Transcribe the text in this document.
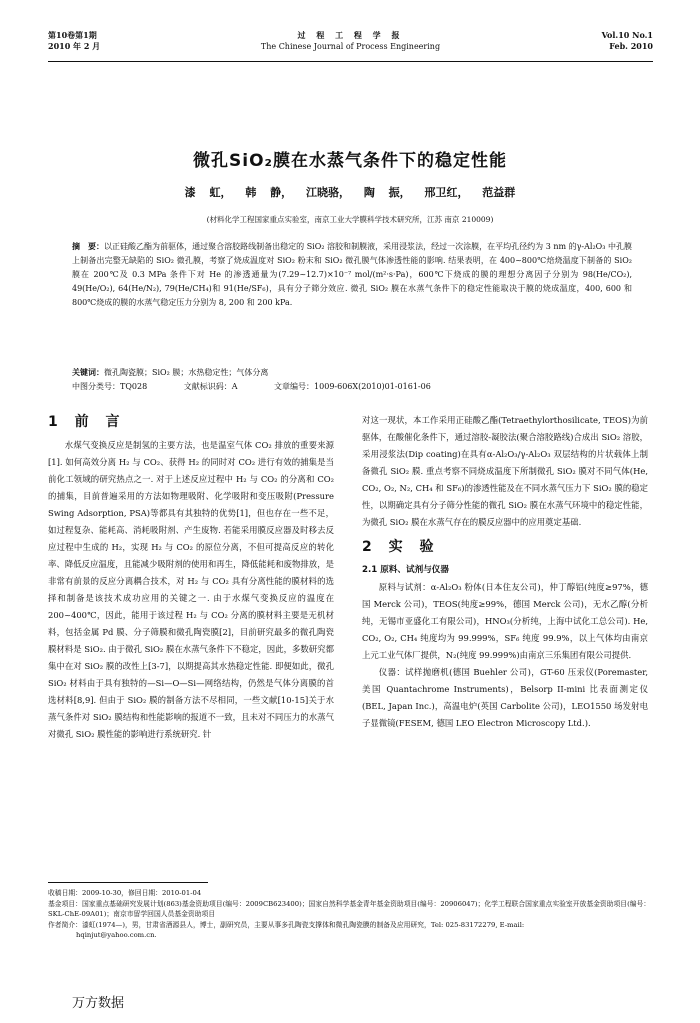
第10卷第1期
2010 年 2 月
过 程 工 程 学 报
The Chinese Journal of Process Engineering
Vol.10 No.1
Feb. 2010
微孔SiO₂膜在水蒸气条件下的稳定性能
漆 虹， 韩 静， 江晓骆， 陶 振， 邢卫红， 范益群
(材料化学工程国家重点实验室，南京工业大学膜科学技术研究所，江苏 南京 210009)
摘　要：以正硅酸乙酯为前驱体，通过聚合溶胶路线制备出稳定的 SiO₂ 溶胶和制膜液，采用浸浆法，经过一次涂膜，在平均孔径约为 3 nm 的γ-Al₂O₃ 中孔膜上制备出完整无缺陷的 SiO₂ 微孔膜，考察了烧成温度对 SiO₂ 粉末和 SiO₂ 微孔膜气体渗透性能的影响. 结果表明，在 400~800℃焙烧温度下制备的 SiO₂ 膜在 200℃及 0.3 MPa 条件下对 He 的渗透通量为(7.29~12.7)×10⁻⁷ mol/(m²·s·Pa)，600℃下烧成的膜的理想分离因子分别为 98(He/CO₂), 49(He/O₂), 64(He/N₂), 79(He/CH₄)和 91(He/SF₆)，具有分子筛分效应. 微孔 SiO₂ 膜在水蒸气条件下的稳定性能取决于膜的烧成温度，400, 600 和 800℃烧成的膜的水蒸气稳定压力分别为 8, 200 和 200 kPa.
关键词：微孔陶瓷膜；SiO₂ 膜；水热稳定性；气体分离
中图分类号：TQ028	文献标识码：A	文章编号：1009-606X(2010)01-0161-06
1 前 言

水煤气变换反应是制氢的主要方法，也是温室气体 CO₂ 排放的重要来源[1]. 如何高效分离 H₂ 与 CO₂、获得 H₂ 的同时对 CO₂ 进行有效的捕集是当前化工领域的研究热点之一. 对于上述反应过程中 H₂ 与 CO₂ 的分离和 CO₂ 的捕集，目前普遍采用的方法如物理吸附、化学吸附和变压吸附(Pressure Swing Adsorption, PSA)等都具有其独特的优势[1]，但也存在一些不足，如过程复杂、能耗高、消耗吸附剂、产生废物. 若能采用膜反应器及时移去反应过程中生成的 H₂，实现 H₂ 与 CO₂ 的原位分离，不但可提高反应的转化率、降低反应温度，且能减少吸附剂的使用和再生，降低能耗和废物排放，是非常有前景的反应分离耦合技术，对 H₂ 与 CO₂ 具有分离性能的膜材料的选择和制备是该技术成功应用的关键之一. 由于水煤气变换反应的温度在 200~400℃，因此，能用于该过程 H₂ 与 CO₂ 分离的膜材料主要是无机材料，包括金属 Pd 膜、分子筛膜和微孔陶瓷膜[2]，目前研究最多的微孔陶瓷膜材料是 SiO₂. 由于微孔 SiO₂ 膜在水蒸气条件下不稳定，因此，多数研究都集中在对 SiO₂ 膜的改性上[3-7]，以期提高其水热稳定性能. 即便如此，微孔 SiO₂ 材料由于具有独特的—Si—O—Si—网络结构，仍然是气体分离膜的首选材料[8,9]. 但由于 SiO₂ 膜的制备方法不尽相同，一些文献[10-15]关于水蒸气条件对 SiO₂ 膜结构和性能影响的报道不一致，且未对不同压力的水蒸气对微孔 SiO₂ 膜性能的影响进行系统研究. 针

对这一现状，本工作采用正硅酸乙酯(Tetraethylorthosilicate, TEOS)为前驱体，在酸催化条件下，通过溶胶-凝胶法(聚合溶胶路线)合成出 SiO₂ 溶胶，采用浸浆法(Dip coating)在具有α-Al₂O₃/γ-Al₂O₃ 双层结构的片状载体上制备微孔 SiO₂ 膜. 重点考察不同烧成温度下所制微孔 SiO₂ 膜对不同气体(He, CO₂, O₂, N₂, CH₄ 和 SF₆)的渗透性能及在不同水蒸气压力下 SiO₂ 膜的稳定性，以期确定具有分子筛分性能的微孔 SiO₂ 膜在水蒸气环境中的稳定性能，为微孔 SiO₂ 膜在水蒸气存在的膜反应器中的应用奠定基础.

2 实 验
2.1 原料、试剂与仪器

原料与试剂：α-Al₂O₃ 粉体(日本住友公司)，仲丁醇铝(纯度≥97%，德国 Merck 公司)，TEOS(纯度≥99%，德国 Merck 公司)，无水乙醇(分析纯，无锡市亚盛化工有限公司)，HNO₃(分析纯，上海中试化工总公司). He, CO₂, O₂, CH₄ 纯度均为 99.999%，SF₆ 纯度 99.9%，以上气体均由南京上元工业气体厂提供，N₂(纯度 99.999%)由南京三乐集团有限公司提供.

仪器：试样抛磨机(德国 Buehler 公司)，GT-60 压汞仪(Poremaster, 美国 Quantachrome Instruments)，Belsorp II-mini 比表面测定仪(BEL, Japan Inc.)，高温电炉(英国 Carbolite 公司)，LEO1550 场发射电子显微镜(FESEM, 德国 LEO Electron Microscopy Ltd.).

收稿日期：2009-10-30，修回日期：2010-01-04
基金项目：国家重点基础研究发展计划(863)基金资助项目(编号：2009CB623400)；国家自然科学基金青年基金资助项目(编号：20906047)；化学工程联合国家重点实验室开放基金资助项目(编号：SKL-ChE-09A01)；南京市留学回国人员基金资助项目
作者简介：漆虹(1974—)，男，甘肃省酒源县人，博士，副研究员，主要从事多孔陶瓷支撑体和微孔陶瓷膜的制备及应用研究，Tel: 025-83172279, E-mail:
hqinjut@yahoo.com.cn.
万方数据
